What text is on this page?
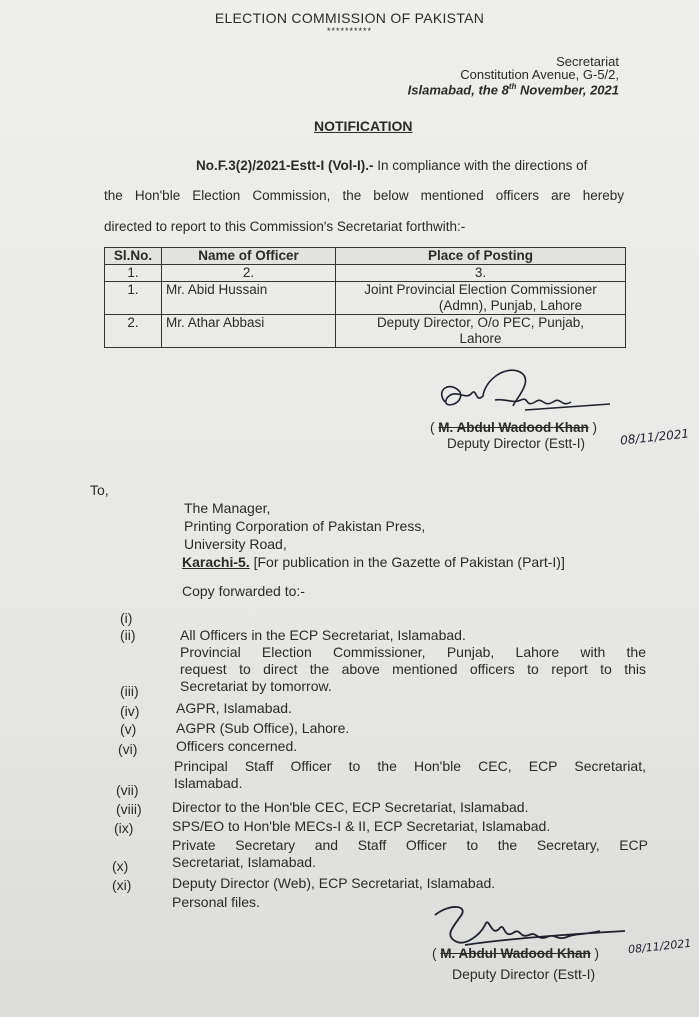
ELECTION COMMISSION OF PAKISTAN
**********
Secretariat
Constitution Avenue, G-5/2,
Islamabad, the 8th November, 2021
NOTIFICATION
No.F.3(2)/2021-Estt-I (Vol-I).- In compliance with the directions of
the Hon'ble Election Commission, the below mentioned officers are hereby
directed to report to this Commission's Secretariat forthwith:-
Sl.No.	Name of Officer	Place of Posting
1.	2.	3.
1.	Mr. Abid Hussain	Joint Provincial Election Commissioner
(Admn), Punjab, Lahore

2.	Mr. Athar Abbasi	Deputy Director, O/o PEC, Punjab,
Lahore
( M. Abdul Wadood Khan )
Deputy Director (Estt-I)	08/11/2021
To,
The Manager,
Printing Corporation of Pakistan Press,
University Road,
Karachi-5. [For publication in the Gazette of Pakistan (Part-I)]
Copy forwarded to:-
(i)
All Officers in the ECP Secretariat, Islamabad.
(ii)
Provincial Election Commissioner, Punjab, Lahore with the
request to direct the above mentioned officers to report to this
Secretariat by tomorrow.
(iii)
AGPR, Islamabad.
(iv)
AGPR (Sub Office), Lahore.
(v)
Officers concerned.
(vi)
Principal Staff Officer to the Hon'ble CEC, ECP Secretariat,
Islamabad.
(vii)
Director to the Hon'ble CEC, ECP Secretariat, Islamabad.
(viii)
SPS/EO to Hon'ble MECs-I & II, ECP Secretariat, Islamabad.
(ix)
Private Secretary and Staff Officer to the Secretary, ECP
Secretariat, Islamabad.
(x)
Deputy Director (Web), ECP Secretariat, Islamabad.
(xi)
Personal files.
( M. Abdul Wadood Khan )
Deputy Director (Estt-I)
08/11/2021
